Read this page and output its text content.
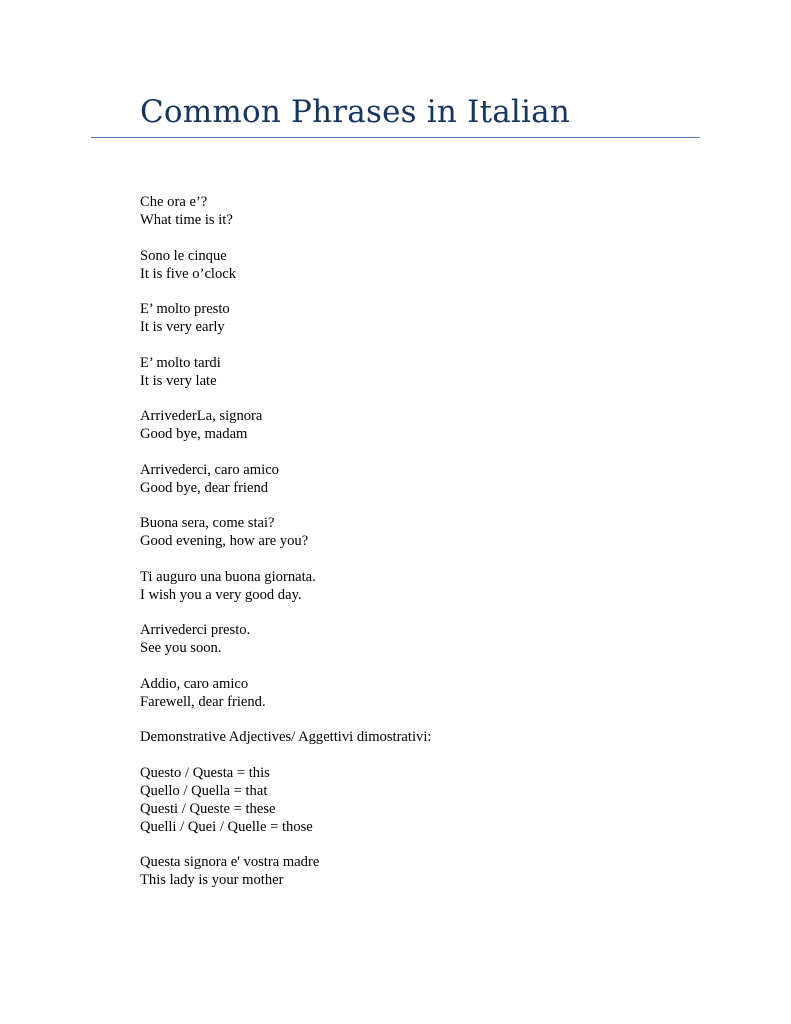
Common Phrases in Italian
Che ora e’?
What time is it?
Sono le cinque
It is five o’clock
E’ molto presto
It is very early
E’ molto tardi
It is very late
ArrivederLa, signora
Good bye, madam
Arrivederci, caro amico
Good bye, dear friend
Buona sera, come stai?
Good evening, how are you?
Ti auguro una buona giornata.
I wish you a very good day.
Arrivederci presto.
See you soon.
Addio, caro amico
Farewell, dear friend.
Demonstrative Adjectives/ Aggettivi dimostrativi:
Questo / Questa = this
Quello / Quella = that
Questi / Queste = these
Quelli / Quei / Quelle = those
Questa signora e' vostra madre
This lady is your mother
